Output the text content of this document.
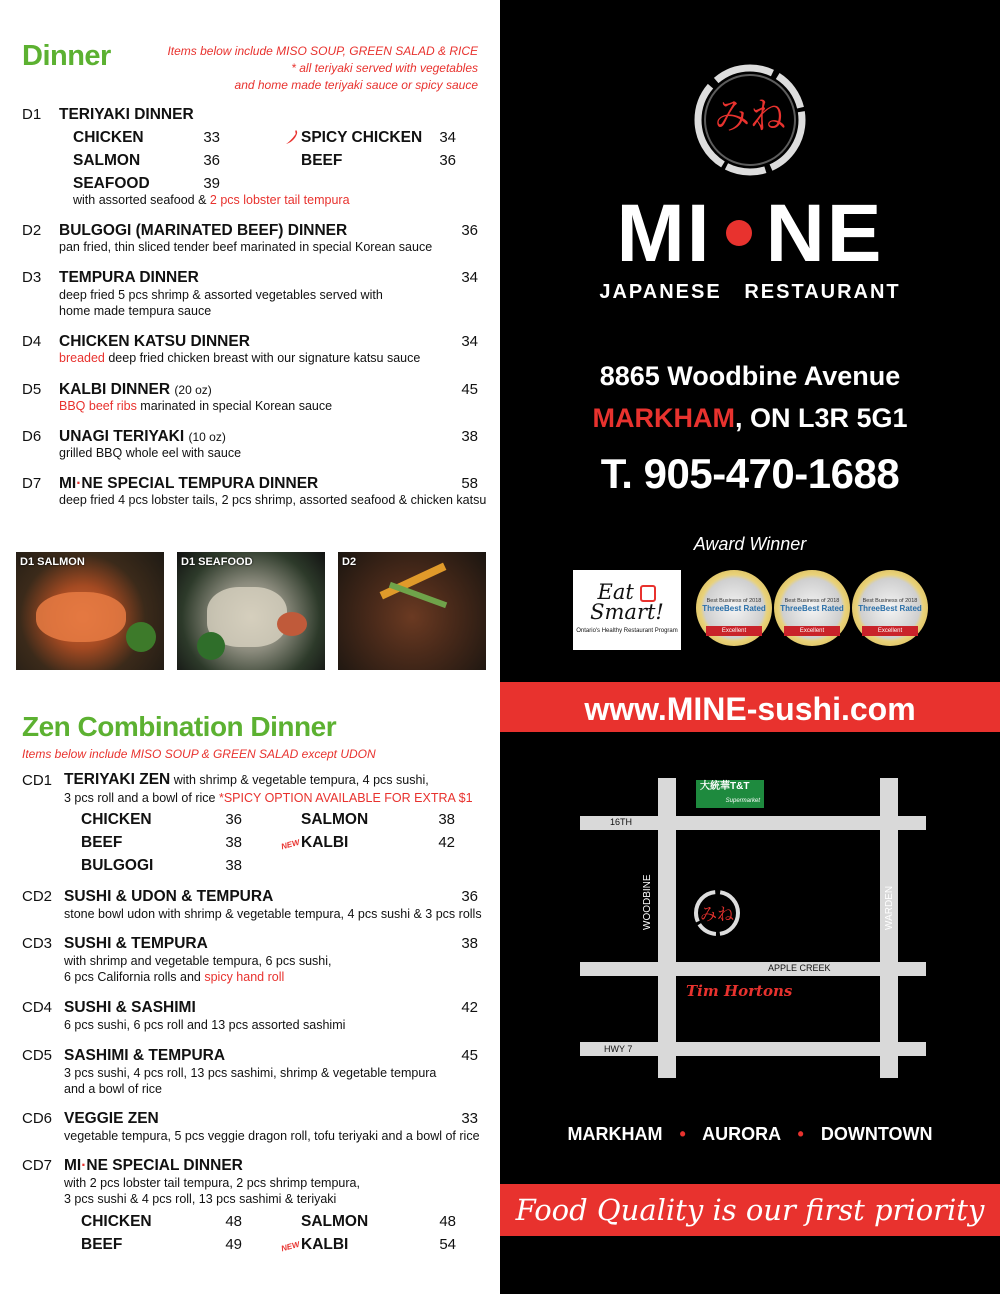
Dinner	Items below include MISO SOUP, GREEN SALAD & RICE
* all teriyaki served with vegetables
and home made teriyaki sauce or spicy sauce
D1 TERIYAKI DINNER
CHICKEN	33	SPICY CHICKEN	34
SALMON	36	BEEF	36
SEAFOOD	39
with assorted seafood & 2 pcs lobster tail tempura
D2 BULGOGI (MARINATED BEEF) DINNER	36
pan fried, thin sliced tender beef marinated in special Korean sauce
D3 TEMPURA DINNER	34
deep fried 5 pcs shrimp & assorted vegetables served with
home made tempura sauce
D4 CHICKEN KATSU DINNER	34
breaded deep fried chicken breast with our signature katsu sauce
D5 KALBI DINNER (20 oz)	45
BBQ beef ribs marinated in special Korean sauce
D6 UNAGI TERIYAKI (10 oz)	38
grilled BBQ whole eel with sauce
D7 MI·NE SPECIAL TEMPURA DINNER	58
deep fried 4 pcs lobster tails, 2 pcs shrimp, assorted seafood & chicken katsu
D1 SALMON	D1 SEAFOOD	D2
Zen Combination Dinner
Items below include MISO SOUP & GREEN SALAD except UDON
CD1 TERIYAKI ZEN with shrimp & vegetable tempura, 4 pcs sushi,
3 pcs roll and a bowl of rice *SPICY OPTION AVAILABLE FOR EXTRA $1
CHICKEN	36	SALMON	38
BEEF	38	NEW KALBI	42
BULGOGI	38
CD2 SUSHI & UDON & TEMPURA	36
stone bowl udon with shrimp & vegetable tempura, 4 pcs sushi & 3 pcs rolls
CD3 SUSHI & TEMPURA	38
with shrimp and vegetable tempura, 6 pcs sushi,
6 pcs California rolls and spicy hand roll
CD4 SUSHI & SASHIMI	42
6 pcs sushi, 6 pcs roll and 13 pcs assorted sashimi
CD5 SASHIMI & TEMPURA	45
3 pcs sushi, 4 pcs roll, 13 pcs sashimi, shrimp & vegetable tempura
and a bowl of rice
CD6 VEGGIE ZEN	33
vegetable tempura, 5 pcs veggie dragon roll, tofu teriyaki and a bowl of rice
CD7 MI·NE SPECIAL DINNER
with 2 pcs lobster tail tempura, 2 pcs shrimp tempura,
3 pcs sushi & 4 pcs roll, 13 pcs sashimi & teriyaki
CHICKEN	48	SALMON	48
BEEF	49	NEW KALBI	54
みね
MI NE
JAPANESE   RESTAURANT
8865 Woodbine Avenue
MARKHAM, ON L3R 5G1
T. 905-470-1688
Award Winner
Eat
Smart!
Ontario's Healthy Restaurant Program
Best Business of 2018
ThreeBest Rated
Excellent
Best Business of 2018
ThreeBest Rated
Excellent
Best Business of 2018
ThreeBest Rated
Excellent
www.MINE-sushi.com
16TH
APPLE CREEK
HWY 7
WOODBINE	WARDEN
大統華T&T
Supermarket
みね
Tim Hortons
MARKHAM • AURORA • DOWNTOWN
Food Quality is our first priority
